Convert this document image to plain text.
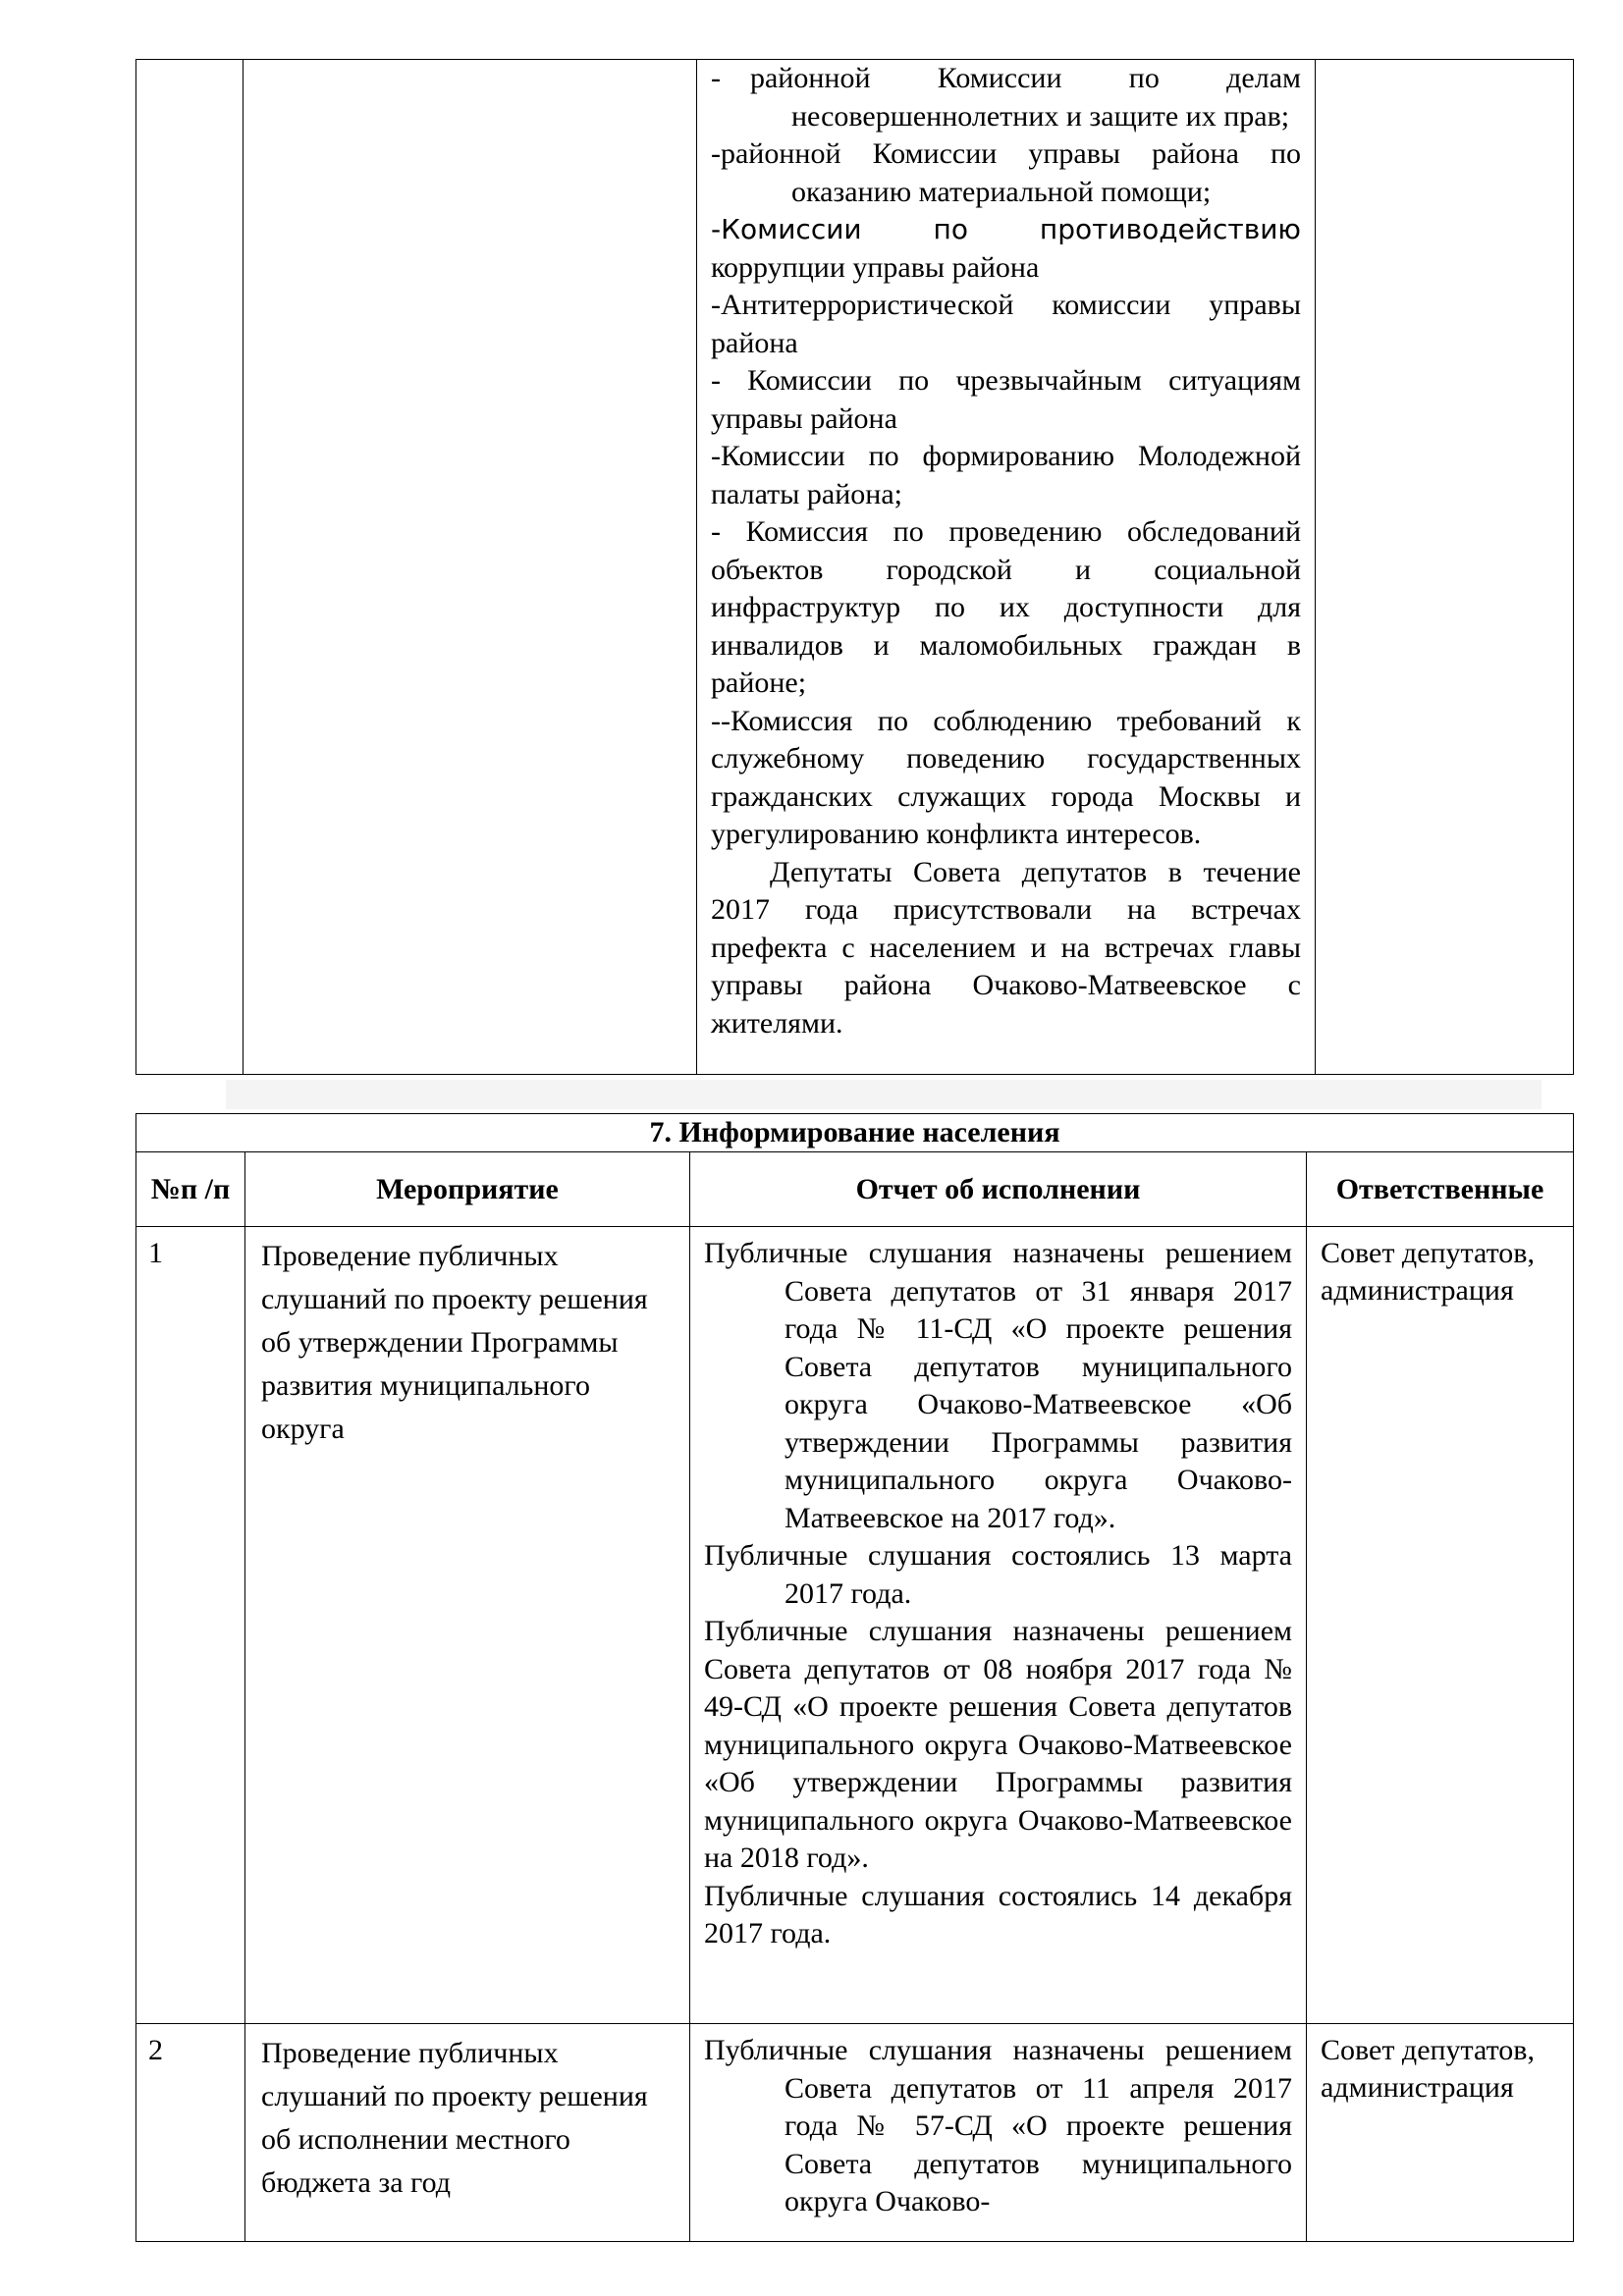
- районной Комиссии по делам несовершеннолетних и защите их прав;

-районной Комиссии управы района по оказанию материальной помощи;

-Комиссии по противодействию коррупции управы района

-Антитеррористической комиссии управы района

- Комиссии по чрезвычайным ситуациям управы района

-Комиссии по формированию Молодежной палаты района;

- Комиссия по проведению обследований объектов городской и социальной инфраструктур по их доступности для инвалидов и маломобильных граждан в районе;

--Комиссия по соблюдению требований к служебному поведению государственных гражданских служащих города Москвы и урегулированию конфликта интересов.

Депутаты Совета депутатов в течение 2017 года присутствовали на встречах префекта с населением и на встречах главы управы района Очаково-Матвеевское с жителями.

7. Информирование населения			
№п /п	Мероприятие	Отчет об исполнении	Ответственные
1	Проведение публичных слушаний по проекту решения об утверждении Программы развития муниципального округа	Публичные слушания назначены решением Совета депутатов от 31 января 2017 года № 11-СД «О проекте решения Совета депутатов муниципального округа Очаково-Матвеевское «Об утверждении Программы развития муниципального округа Очаково-Матвеевское на 2017 год».

Публичные слушания состоялись 13 марта 2017 года.

Публичные слушания назначены решением Совета депутатов от 08 ноября 2017 года № 49-СД «О проекте решения Совета депутатов муниципального округа Очаково-Матвеевское «Об утверждении Программы развития муниципального округа Очаково-Матвеевское на 2018 год».

Публичные слушания состоялись 14 декабря 2017 года.	Совет депутатов, администрация
2	Проведение публичных слушаний по проекту решения об исполнении местного бюджета за год	Публичные слушания назначены решением Совета депутатов от 11 апреля 2017 года № 57-СД «О проекте решения Совета депутатов муниципального округа Очаково-	Совет депутатов, администрация
